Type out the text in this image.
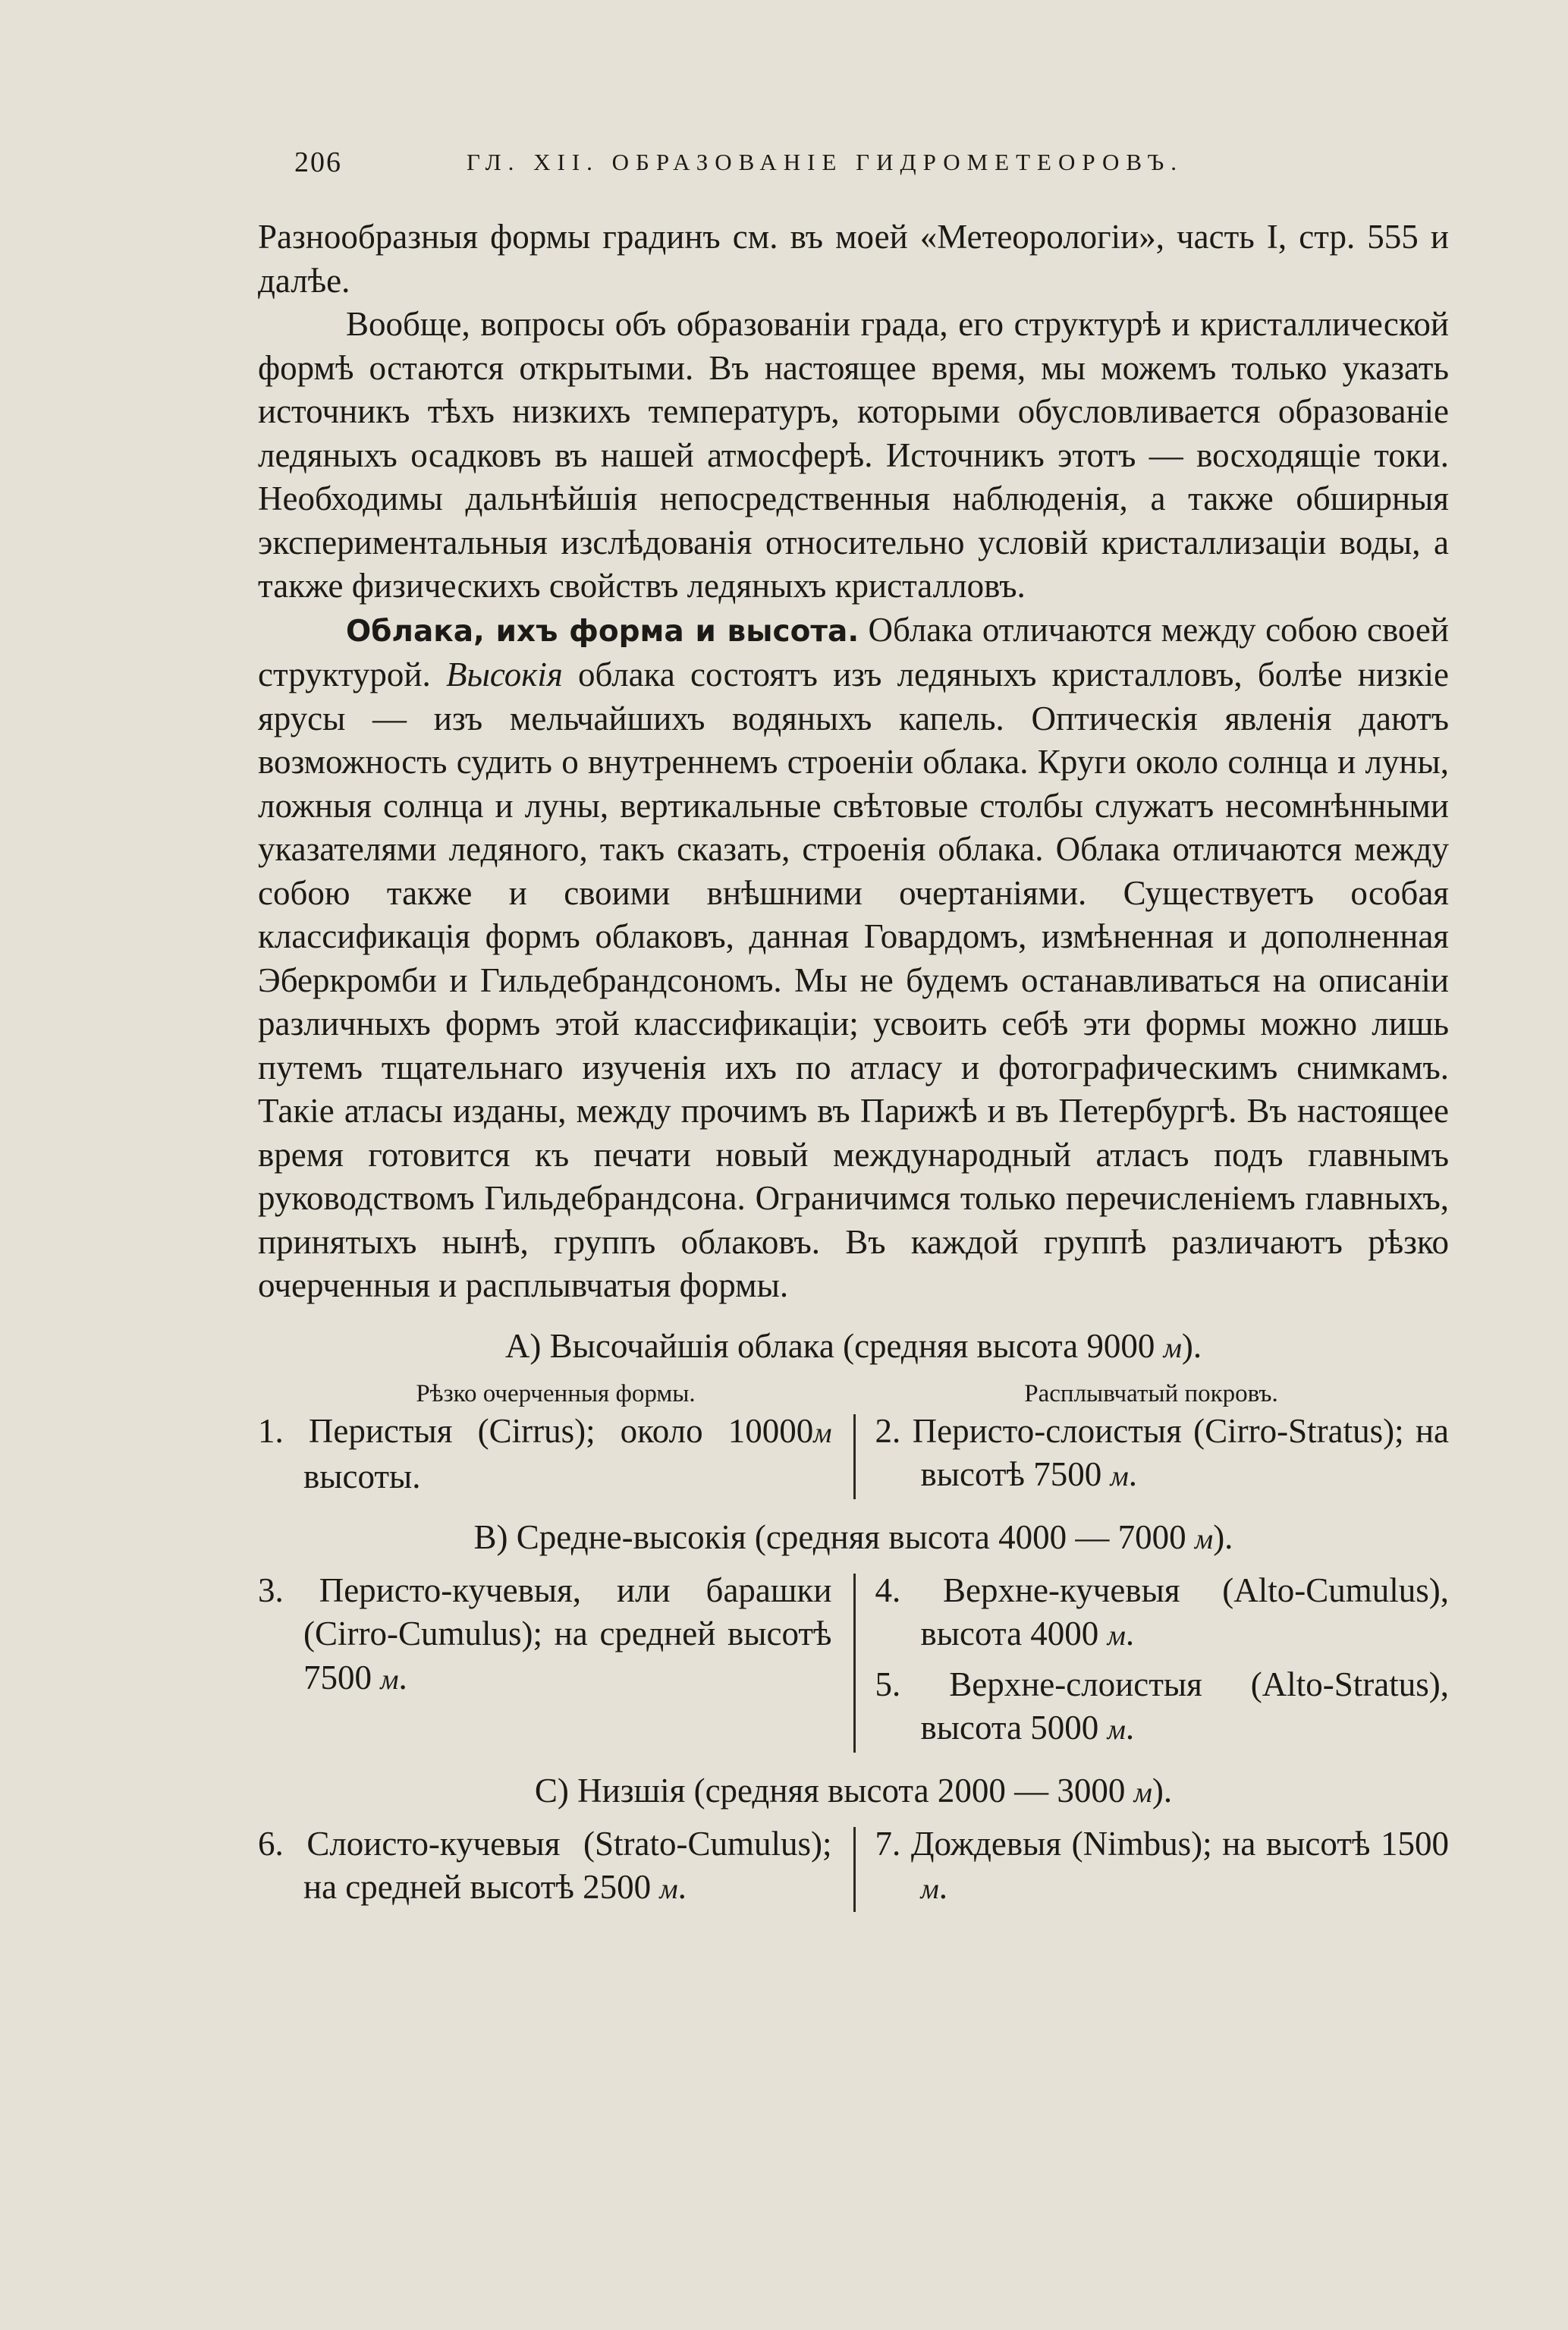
206	ГЛ. XII. ОБРАЗОВАНІЕ ГИДРОМЕТЕОРОВЪ.

Разнообразныя формы градинъ см. въ моей «Метеорологіи», часть I, стр. 555 и далѣе.

Вообще, вопросы объ образованіи града, его структурѣ и кристаллической формѣ остаются открытыми. Въ настоящее время, мы можемъ только указать источникъ тѣхъ низкихъ температуръ, которыми обусловливается образованіе ледяныхъ осадковъ въ нашей атмосферѣ. Источникъ этотъ — восходящіе токи. Необходимы дальнѣйшія непосредственныя наблюденія, а также обширныя экспериментальныя изслѣдованія относительно условій кристаллизаціи воды, а также физическихъ свойствъ ледяныхъ кристалловъ.

Облака, ихъ форма и высота. Облака отличаются между собою своей структурой. Высокія облака состоятъ изъ ледяныхъ кристалловъ, болѣе низкіе ярусы — изъ мельчайшихъ водяныхъ капель. Оптическія явленія даютъ возможность судить о внутреннемъ строеніи облака. Круги около солнца и луны, ложныя солнца и луны, вертикальные свѣтовые столбы служатъ несомнѣнными указателями ледяного, такъ сказать, строенія облака. Облака отличаются между собою также и своими внѣшними очертаніями. Существуетъ особая классификація формъ облаковъ, данная Говардомъ, измѣненная и дополненная Эберкромби и Гильдебрандсономъ. Мы не будемъ останавливаться на описаніи различныхъ формъ этой классификаціи; усвоить себѣ эти формы можно лишь путемъ тщательнаго изученія ихъ по атласу и фотографическимъ снимкамъ. Такіе атласы изданы, между прочимъ въ Парижѣ и въ Петербургѣ. Въ настоящее время готовится къ печати новый международный атласъ подъ главнымъ руководствомъ Гильдебрандсона. Ограничимся только перечисленіемъ главныхъ, принятыхъ нынѣ, группъ облаковъ. Въ каждой группѣ различаютъ рѣзко очерченныя и расплывчатыя формы.

A) Высочайшія облака (средняя высота 9000 м).
Рѣзко очерченныя формы.	Расплывчатый покровъ.
1. Перистыя (Cirrus); около 10000м высоты.
2. Перисто-слоистыя (Cirro-Stratus); на высотѣ 7500 м.
B) Средне-высокія (средняя высота 4000 — 7000 м).
3. Перисто-кучевыя, или барашки (Cirro-Cumulus); на средней высотѣ 7500 м.
4. Верхне-кучевыя (Alto-Cumulus), высота 4000 м.
5. Верхне-слоистыя (Alto-Stratus), высота 5000 м.
C) Низшія (средняя высота 2000 — 3000 м).
6. Слоисто-кучевыя (Strato-Cumulus); на средней высотѣ 2500 м.
7. Дождевыя (Nimbus); на высотѣ 1500 м.
